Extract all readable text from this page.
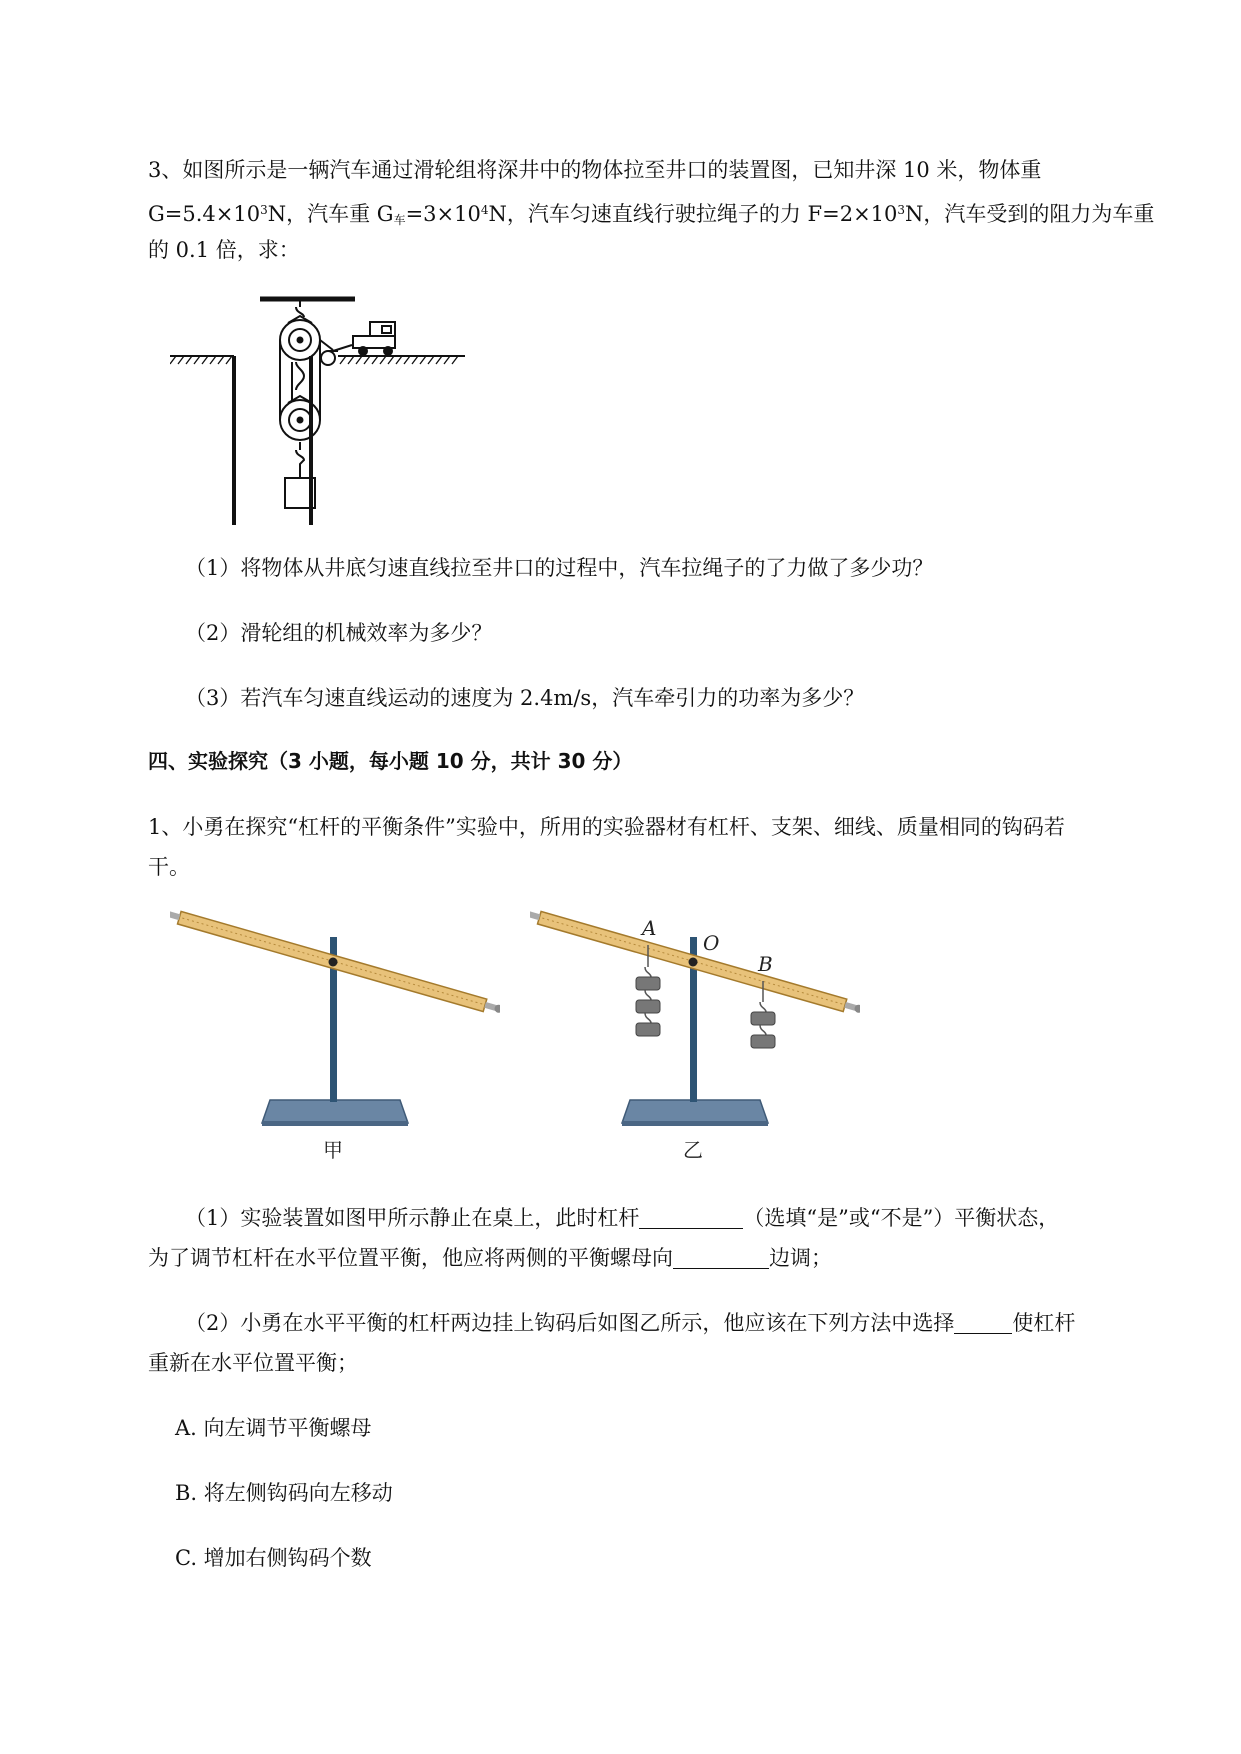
3、如图所示是一辆汽车通过滑轮组将深井中的物体拉至井口的装置图，已知井深 10 米，物体重
$G=5.4\times 10^3N$，汽车重 $G_车=3\times 10^4N$，汽车匀速直线行驶拉绳子的力 $F=2\times 10^3N$，汽车受到的阻力为车重
的 0.1 倍，求：
（1）将物体从井底匀速直线拉至井口的过程中，汽车拉绳子的了力做了多少功？
（2）滑轮组的机械效率为多少？
（3）若汽车匀速直线运动的速度为 2.4m/s，汽车牵引力的功率为多少？
四、实验探究（3 小题，每小题 10 分，共计 30 分）
1、小勇在探究“杠杆的平衡条件”实验中，所用的实验器材有杠杆、支架、细线、质量相同的钩码若
干。
甲
A
O
B
乙
（1）实验装置如图甲所示静止在桌上，此时杠杆	（选填“是”或“不是”）平衡状态，
为了调节杠杆在水平位置平衡，他应将两侧的平衡螺母向	边调；
（2）小勇在水平平衡的杠杆两边挂上钩码后如图乙所示，他应该在下列方法中选择	使杠杆
重新在水平位置平衡；
A. 向左调节平衡螺母
B. 将左侧钩码向左移动
C. 增加右侧钩码个数
